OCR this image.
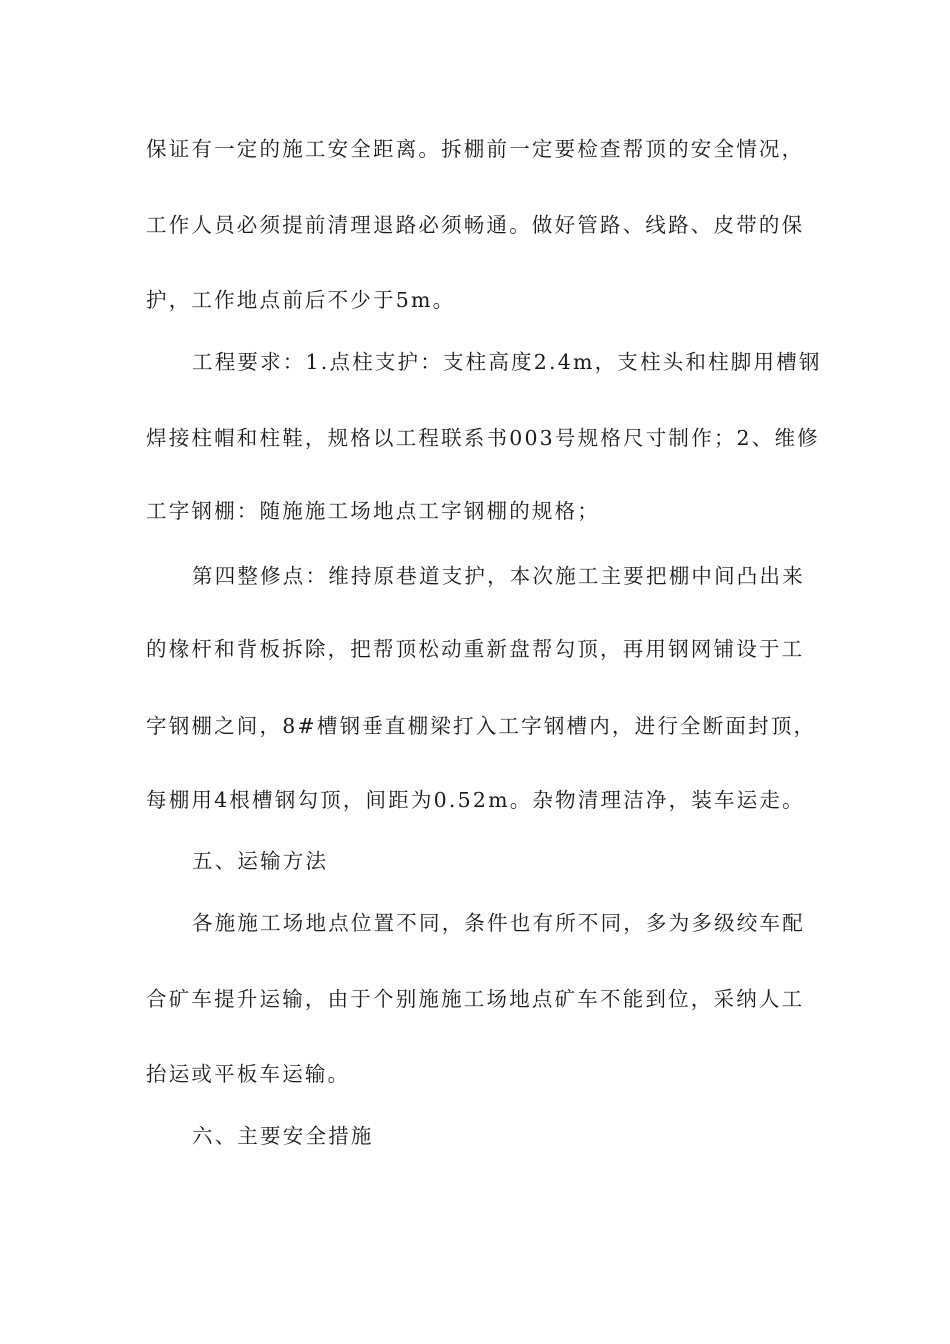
保证有一定的施工安全距离。拆棚前一定要检查帮顶的安全情况，
工作人员必须提前清理退路必须畅通。做好管路、线路、皮带的保
护，工作地点前后不少于5m。
工程要求：1.点柱支护：支柱高度2.4m，支柱头和柱脚用槽钢
焊接柱帽和柱鞋，规格以工程联系书003号规格尺寸制作；2、维修
工字钢棚：随施施工场地点工字钢棚的规格；
第四整修点：维持原巷道支护，本次施工主要把棚中间凸出来
的椽杆和背板拆除，把帮顶松动重新盘帮勾顶，再用钢网铺设于工
字钢棚之间，8#槽钢垂直棚梁打入工字钢槽内，进行全断面封顶，
每棚用4根槽钢勾顶，间距为0.52m。杂物清理洁净，装车运走。
五、运输方法
各施施工场地点位置不同，条件也有所不同，多为多级绞车配
合矿车提升运输，由于个别施施工场地点矿车不能到位，采纳人工
抬运或平板车运输。
六、主要安全措施
